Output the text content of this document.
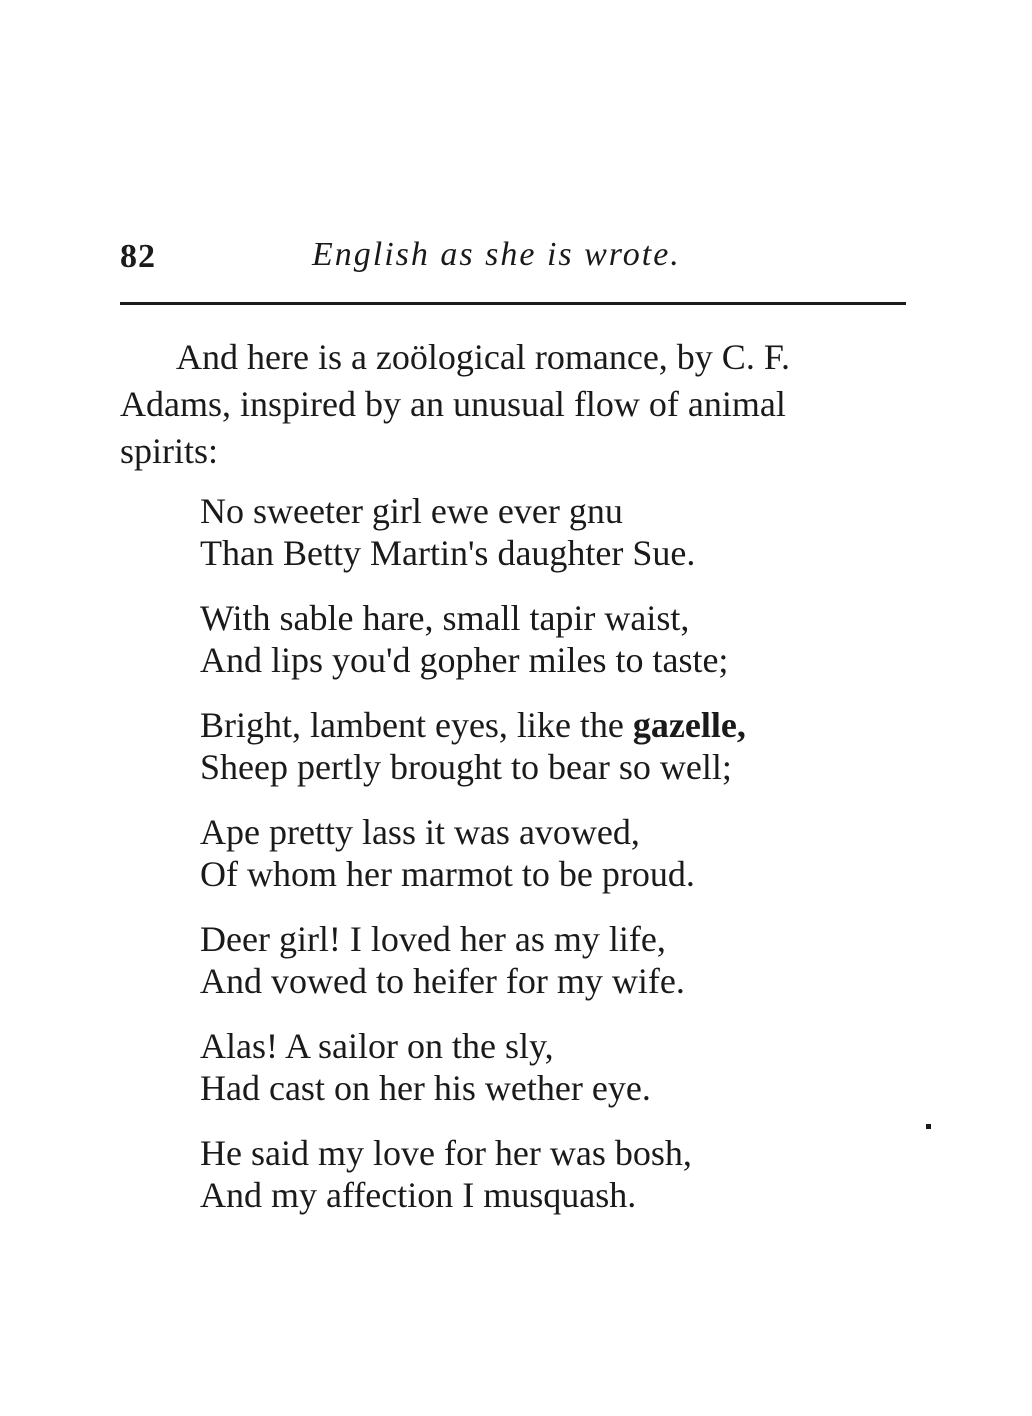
82	English as she is wrote.

And here is a zoölogical romance, by C. F.
Adams, inspired by an unusual flow of animal
spirits:

No sweeter girl ewe ever gnu
Than Betty Martin's daughter Sue.
With sable hare, small tapir waist,
And lips you'd gopher miles to taste;
Bright, lambent eyes, like the gazelle,
Sheep pertly brought to bear so well;
Ape pretty lass it was avowed,
Of whom her marmot to be proud.
Deer girl! I loved her as my life,
And vowed to heifer for my wife.
Alas! A sailor on the sly,
Had cast on her his wether eye.
He said my love for her was bosh,
And my affection I musquash.
